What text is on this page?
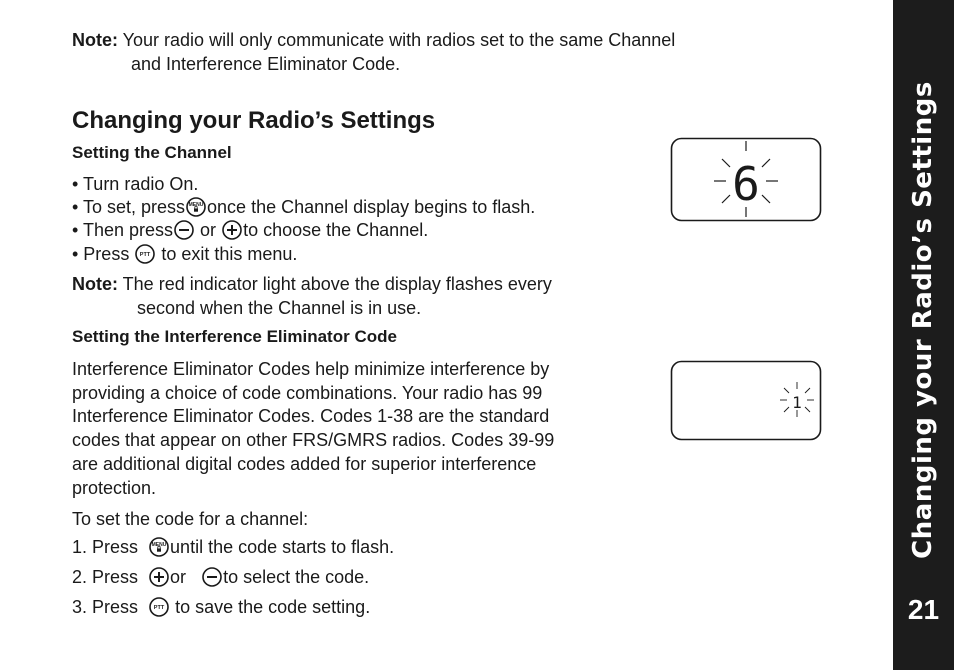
Note: Your radio will only communicate with radios set to the same Channel
and Interference Eliminator Code.
Changing your Radio’s Settings
Setting the Channel
• Turn radio On.
• To set, press MENU once the Channel display begins to flash.
• Then press or to choose the Channel.
• Press PTT to exit this menu.
Note: The red indicator light above the display flashes every
second when the Channel is in use.
Setting the Interference Eliminator Code
Interference Eliminator Codes help minimize interference by
providing a choice of code combinations. Your radio has 99
Interference Eliminator Codes. Codes 1-38 are the standard
codes that appear on other FRS/GMRS radios. Codes 39-99
are additional digital codes added for superior interference
protection.
To set the code for a channel:
1. Press	MENU until the code starts to flash.
2. Press or to select the code.
3. Press	PTT to save the code setting.
6
1	Changing your Radio’s Settings
21
